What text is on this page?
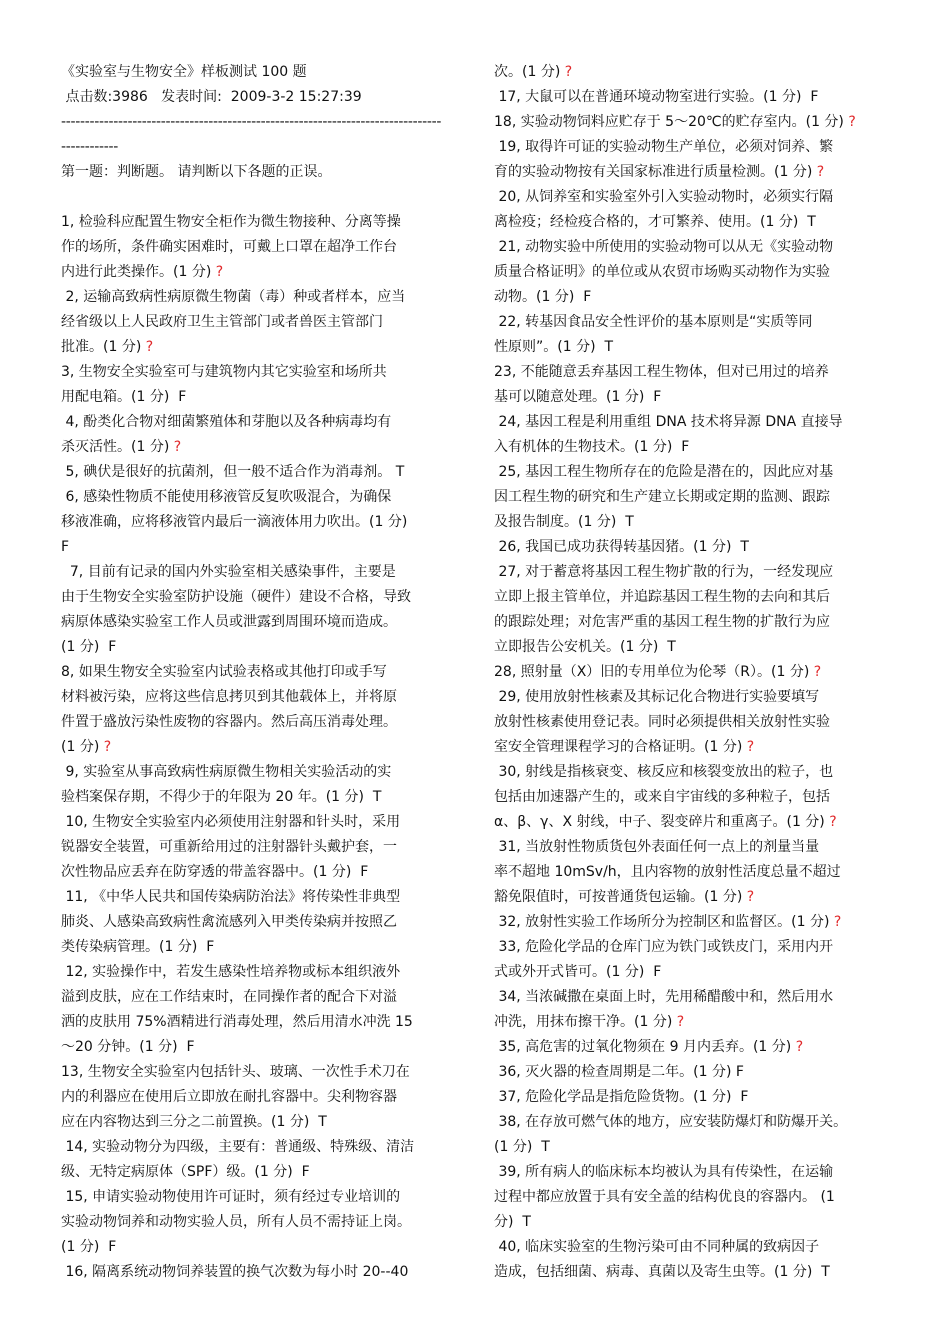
《实验室与生物安全》样板测试 100 题
点击数:3986   发表时间:  2009-3-2 15:27:39
--------------------------------------------------------------------------------
------------
第一题：判断题。 请判断以下各题的正误。
1, 检验科应配置生物安全柜作为微生物接种、分离等操
作的场所，条件确实困难时，可戴上口罩在超净工作台
内进行此类操作。(1 分) ?
2, 运输高致病性病原微生物菌（毒）种或者样本，应当
经省级以上人民政府卫生主管部门或者兽医主管部门
批准。(1 分) ?
3, 生物安全实验室可与建筑物内其它实验室和场所共
用配电箱。(1 分)  F
4, 酚类化合物对细菌繁殖体和芽胞以及各种病毒均有
杀灭活性。(1 分) ?
5, 碘伏是很好的抗菌剂，但一般不适合作为消毒剂。 T
6, 感染性物质不能使用移液管反复吹吸混合，为确保
移液准确，应将移液管内最后一滴液体用力吹出。(1 分)
F
7, 目前有记录的国内外实验室相关感染事件，主要是
由于生物安全实验室防护设施（硬件）建设不合格，导致
病原体感染实验室工作人员或泄露到周围环境而造成。
(1 分)  F
8, 如果生物安全实验室内试验表格或其他打印或手写
材料被污染，应将这些信息拷贝到其他载体上，并将原
件置于盛放污染性废物的容器内。然后高压消毒处理。
(1 分) ?
9, 实验室从事高致病性病原微生物相关实验活动的实
验档案保存期，不得少于的年限为 20 年。(1 分)  T
10, 生物安全实验室内必须使用注射器和针头时，采用
锐器安全装置，可重新给用过的注射器针头戴护套，一
次性物品应丢弃在防穿透的带盖容器中。(1 分)  F
11, 《中华人民共和国传染病防治法》将传染性非典型
肺炎、人感染高致病性禽流感列入甲类传染病并按照乙
类传染病管理。(1 分)  F
12, 实验操作中，若发生感染性培养物或标本组织液外
溢到皮肤，应在工作结束时，在同操作者的配合下对溢
洒的皮肤用 75%酒精进行消毒处理，然后用清水冲洗 15
～20 分钟。(1 分)  F
13, 生物安全实验室内包括针头、玻璃、一次性手术刀在
内的利器应在使用后立即放在耐扎容器中。尖利物容器
应在内容物达到三分之二前置换。(1 分)  T
14, 实验动物分为四级，主要有：普通级、特殊级、清洁
级、无特定病原体（SPF）级。(1 分)  F
15, 申请实验动物使用许可证时，须有经过专业培训的
实验动物饲养和动物实验人员，所有人员不需持证上岗。
(1 分)  F
16, 隔离系统动物饲养装置的换气次数为每小时 20--40
次。(1 分) ?
17, 大鼠可以在普通环境动物室进行实验。(1 分)  F
18, 实验动物饲料应贮存于 5～20℃的贮存室内。(1 分) ?
19, 取得许可证的实验动物生产单位，必须对饲养、繁
育的实验动物按有关国家标准进行质量检测。(1 分) ?
20, 从饲养室和实验室外引入实验动物时，必须实行隔
离检疫；经检疫合格的，才可繁养、使用。(1 分)  T
21, 动物实验中所使用的实验动物可以从无《实验动物
质量合格证明》的单位或从农贸市场购买动物作为实验
动物。(1 分)  F
22, 转基因食品安全性评价的基本原则是“实质等同
性原则”。(1 分)  T
23, 不能随意丢弃基因工程生物体，但对已用过的培养
基可以随意处理。(1 分)  F
24, 基因工程是利用重组 DNA 技术将异源 DNA 直接导
入有机体的生物技术。(1 分)  F
25, 基因工程生物所存在的危险是潜在的，因此应对基
因工程生物的研究和生产建立长期或定期的监测、跟踪
及报告制度。(1 分)  T
26, 我国已成功获得转基因猪。(1 分)  T
27, 对于蓄意将基因工程生物扩散的行为，一经发现应
立即上报主管单位，并追踪基因工程生物的去向和其后
的跟踪处理；对危害严重的基因工程生物的扩散行为应
立即报告公安机关。(1 分)  T
28, 照射量（X）旧的专用单位为伦琴（R）。(1 分) ?
29, 使用放射性核素及其标记化合物进行实验要填写
放射性核素使用登记表。同时必须提供相关放射性实验
室安全管理课程学习的合格证明。(1 分) ?
30, 射线是指核衰变、核反应和核裂变放出的粒子，也
包括由加速器产生的，或来自宇宙线的多种粒子，包括
α、β、γ、X 射线，中子、裂变碎片和重离子。(1 分) ?
31, 当放射性物质货包外表面任何一点上的剂量当量
率不超地 10mSv/h，且内容物的放射性活度总量不超过
豁免限值时，可按普通货包运输。(1 分) ?
32, 放射性实验工作场所分为控制区和监督区。(1 分) ?
33, 危险化学品的仓库门应为铁门或铁皮门，采用内开
式或外开式皆可。(1 分)  F
34, 当浓碱撒在桌面上时，先用稀醋酸中和，然后用水
冲洗，用抹布擦干净。(1 分) ?
35, 高危害的过氧化物须在 9 月内丢弃。(1 分) ?
36, 灭火器的检查周期是二年。(1 分) F
37, 危险化学品是指危险货物。(1 分)  F
38, 在存放可燃气体的地方，应安装防爆灯和防爆开关。
(1 分)  T
39, 所有病人的临床标本均被认为具有传染性，在运输
过程中都应放置于具有安全盖的结构优良的容器内。 (1
分)  T
40, 临床实验室的生物污染可由不同种属的致病因子
造成，包括细菌、病毒、真菌以及寄生虫等。(1 分)  T
